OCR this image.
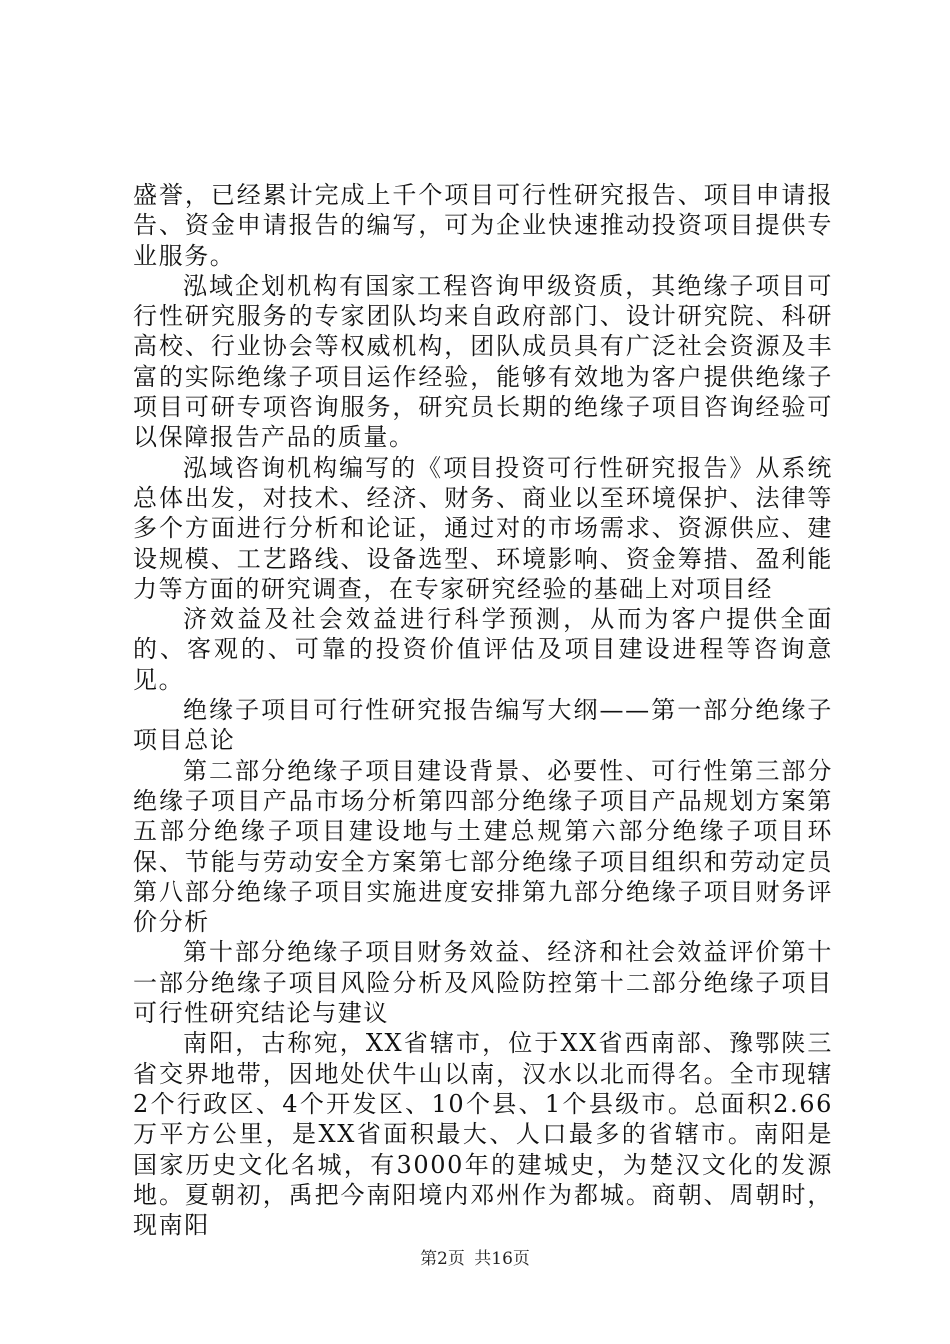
盛誉，已经累计完成上千个项目可行性研究报告、项目申请报告、资金申请报告的编写，可为企业快速推动投资项目提供专业服务。

泓域企划机构有国家工程咨询甲级资质，其绝缘子项目可行性研究服务的专家团队均来自政府部门、设计研究院、科研高校、行业协会等权威机构，团队成员具有广泛社会资源及丰富的实际绝缘子项目运作经验，能够有效地为客户提供绝缘子项目可研专项咨询服务，研究员长期的绝缘子项目咨询经验可以保障报告产品的质量。

泓域咨询机构编写的《项目投资可行性研究报告》从系统总体出发，对技术、经济、财务、商业以至环境保护、法律等多个方面进行分析和论证，通过对的市场需求、资源供应、建设规模、工艺路线、设备选型、环境影响、资金筹措、盈利能力等方面的研究调查，在专家研究经验的基础上对项目经

济效益及社会效益进行科学预测，从而为客户提供全面的、客观的、可靠的投资价值评估及项目建设进程等咨询意见。

绝缘子项目可行性研究报告编写大纲——第一部分绝缘子项目总论

第二部分绝缘子项目建设背景、必要性、可行性第三部分绝缘子项目产品市场分析第四部分绝缘子项目产品规划方案第五部分绝缘子项目建设地与土建总规第六部分绝缘子项目环保、节能与劳动安全方案第七部分绝缘子项目组织和劳动定员第八部分绝缘子项目实施进度安排第九部分绝缘子项目财务评价分析

第十部分绝缘子项目财务效益、经济和社会效益评价第十一部分绝缘子项目风险分析及风险防控第十二部分绝缘子项目可行性研究结论与建议

南阳，古称宛，XX省辖市，位于XX省西南部、豫鄂陕三省交界地带，因地处伏牛山以南，汉水以北而得名。全市现辖2个行政区、4个开发区、10个县、1个县级市。总面积2.66万平方公里，是XX省面积最大、人口最多的省辖市。南阳是国家历史文化名城，有3000年的建城史，为楚汉文化的发源地。夏朝初，禹把今南阳境内邓州作为都城。商朝、周朝时，现南阳

第2页 共16页
